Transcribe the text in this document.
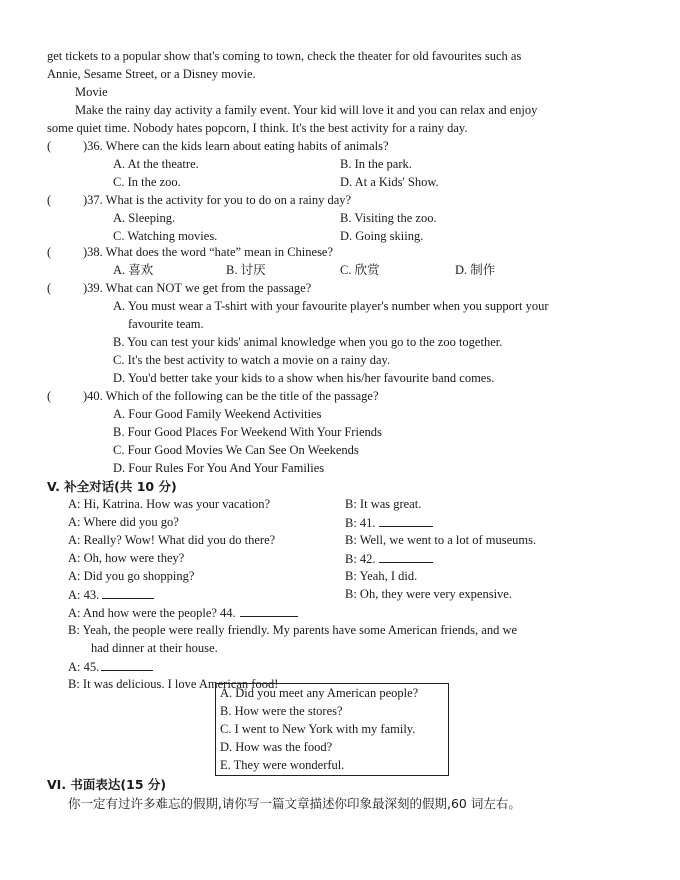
get tickets to a popular show that's coming to town, check the theater for old favourites such as
Annie, Sesame Street, or a Disney movie.
Movie
Make the rainy day activity a family event. Your kid will love it and you can relax and enjoy
some quiet time. Nobody hates popcorn, I think. It's the best activity for a rainy day.
(	)36. Where can the kids learn about eating habits of animals?
A. At the theatre.	B. In the park.
C. In the zoo.	D. At a Kids' Show.
(	)37. What is the activity for you to do on a rainy day?
A. Sleeping.	B. Visiting the zoo.
C. Watching movies.	D. Going skiing.
(	)38. What does the word “hate” mean in Chinese?
A. 喜欢	B. 讨厌	C. 欣赏	D. 制作
(	)39. What can NOT we get from the passage?
A. You must wear a T-shirt with your favourite player's number when you support your
favourite team.
B. You can test your kids' animal knowledge when you go to the zoo together.
C. It's the best activity to watch a movie on a rainy day.
D. You'd better take your kids to a show when his/her favourite band comes.
(	)40. Which of the following can be the title of the passage?
A. Four Good Family Weekend Activities
B. Four Good Places For Weekend With Your Friends
C. Four Good Movies We Can See On Weekends
D. Four Rules For You And Your Families
V. 补全对话(共 10 分)
A: Hi, Katrina. How was your vacation?	B: It was great.
A: Where did you go?	B: 41.
A: Really? Wow! What did you do there?	B: Well, we went to a lot of museums.
A: Oh, how were they?	B: 42.
A: Did you go shopping?	B: Yeah, I did.
A: 43.	B: Oh, they were very expensive.
A: And how were the people? 44.
B: Yeah, the people were really friendly. My parents have some American friends, and we
had dinner at their house.
A: 45.
B: It was delicious. I love American food!
A. Did you meet any American people?
B. How were the stores?
C. I went to New York with my family.
D. How was the food?
E. They were wonderful.
VI. 书面表达(15 分)
你一定有过许多难忘的假期,请你写一篇文章描述你印象最深刻的假期,60 词左右。
